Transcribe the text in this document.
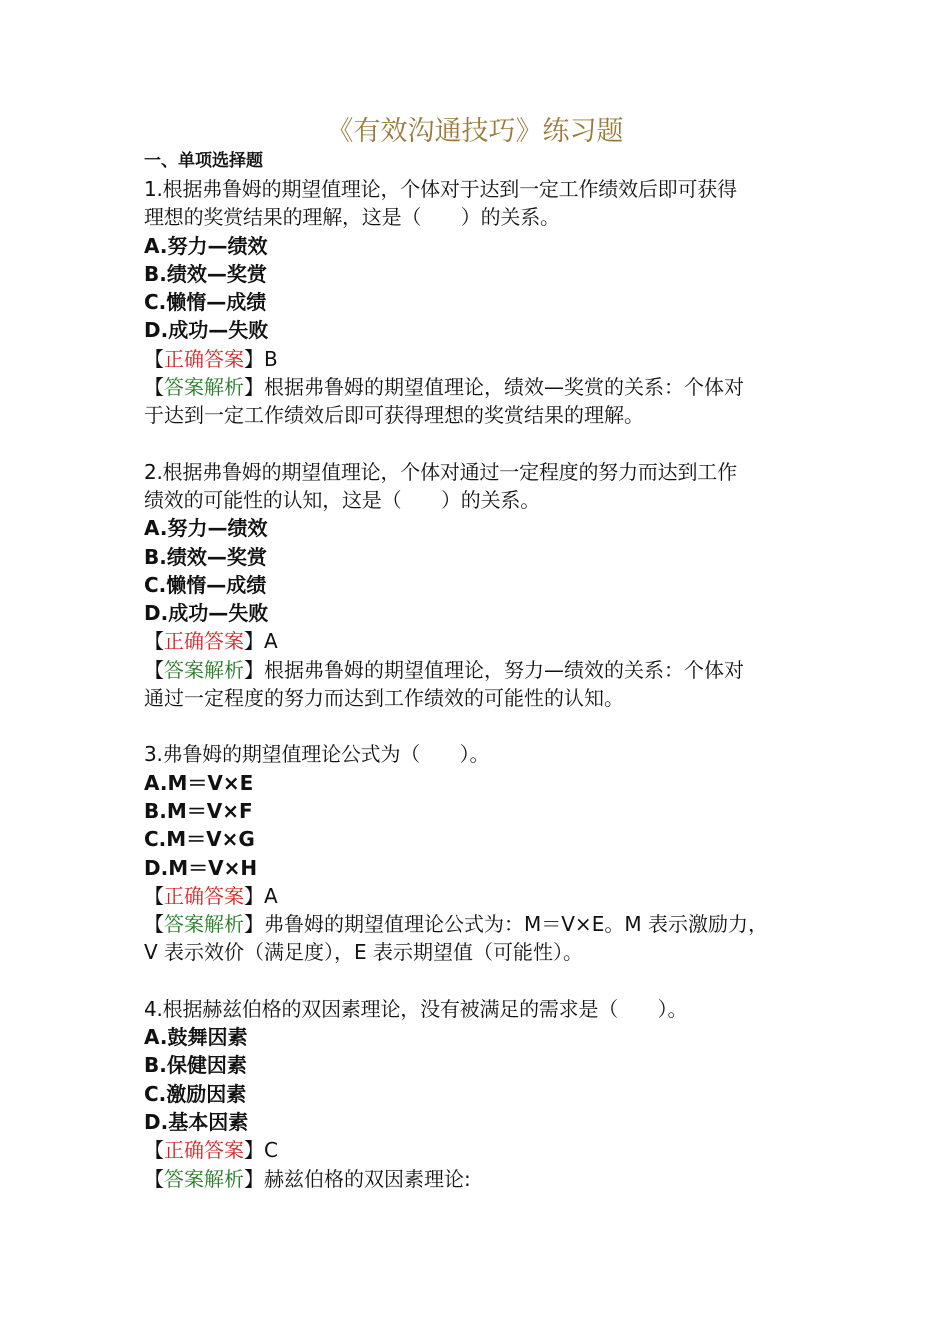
《有效沟通技巧》练习题
一、单项选择题

1.根据弗鲁姆的期望值理论，个体对于达到一定工作绩效后即可获得

理想的奖赏结果的理解，这是（　　）的关系。

A.努力—绩效

B.绩效—奖赏

C.懒惰—成绩

D.成功—失败

【正确答案】B

【答案解析】根据弗鲁姆的期望值理论，绩效—奖赏的关系：个体对

于达到一定工作绩效后即可获得理想的奖赏结果的理解。

2.根据弗鲁姆的期望值理论，个体对通过一定程度的努力而达到工作

绩效的可能性的认知，这是（　　）的关系。

A.努力—绩效

B.绩效—奖赏

C.懒惰—成绩

D.成功—失败

【正确答案】A

【答案解析】根据弗鲁姆的期望值理论，努力—绩效的关系：个体对

通过一定程度的努力而达到工作绩效的可能性的认知。

3.弗鲁姆的期望值理论公式为（　　）。

A.M＝V×E

B.M＝V×F

C.M＝V×G

D.M＝V×H

【正确答案】A

【答案解析】弗鲁姆的期望值理论公式为：M＝V×E。M 表示激励力，

V 表示效价（满足度），E 表示期望值（可能性）。

4.根据赫兹伯格的双因素理论，没有被满足的需求是（　　）。

A.鼓舞因素

B.保健因素

C.激励因素

D.基本因素

【正确答案】C

【答案解析】赫兹伯格的双因素理论:
